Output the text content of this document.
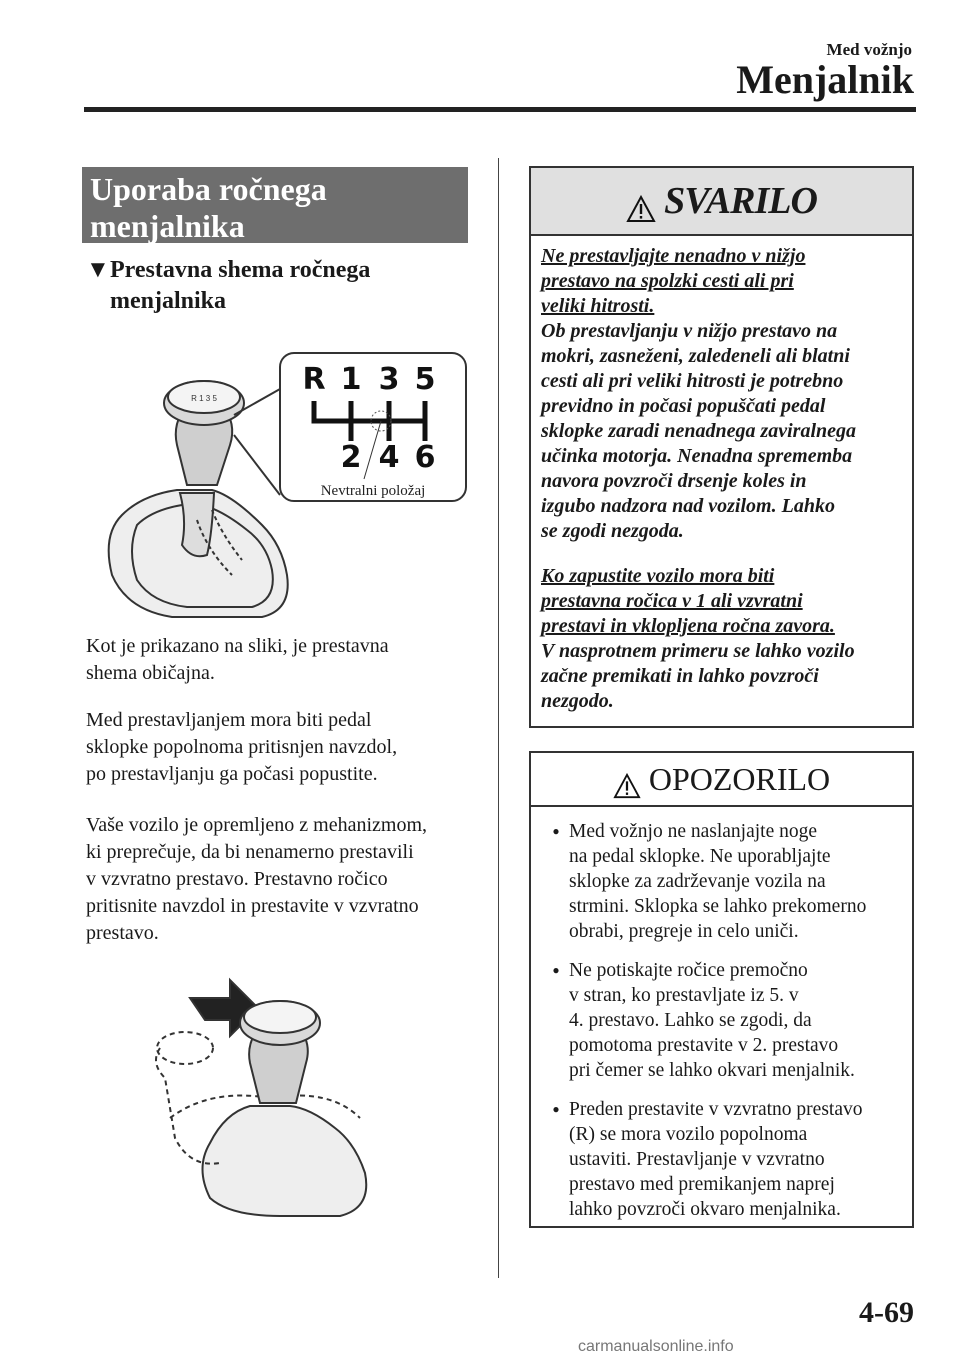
Med vožnjo
Menjalnik
Uporaba ročnega
menjalnika
▼Prestavna shema ročnega
menjalnika
R 1 3 5
R 1 3 5
2 4 6
Nevtralni položaj
Kot je prikazano na sliki, je prestavna
shema običajna.
Med prestavljanjem mora biti pedal
sklopke popolnoma pritisnjen navzdol,
po prestavljanju ga počasi popustite.
Vaše vozilo je opremljeno z mehanizmom,
ki preprečuje, da bi nenamerno prestavili
v vzvratno prestavo. Prestavno ročico
pritisnite navzdol in prestavite v vzvratno
prestavo.
SVARILO

Ne prestavljajte nenadno v nižjo
prestavo na spolzki cesti ali pri
veliki hitrosti.
Ob prestavljanju v nižjo prestavo na
mokri, zasneženi, zaledeneli ali blatni
cesti ali pri veliki hitrosti je potrebno
previdno in počasi popuščati pedal
sklopke zaradi nenadnega zaviralnega
učinka motorja. Nenadna sprememba
navora povzroči drsenje koles in
izgubo nadzora nad vozilom. Lahko
se zgodi nezgoda.

Ko zapustite vozilo mora biti
prestavna ročica v 1 ali vzvratni
prestavi in vklopljena ročna zavora.
V nasprotnem primeru se lahko vozilo
začne premikati in lahko povzroči
nezgodo.

OPOZORILO
● Med vožnjo ne naslanjajte noge
na pedal sklopke. Ne uporabljajte
sklopke za zadrževanje vozila na
strmini. Sklopka se lahko prekomerno
obrabi, pregreje in celo uniči.
● Ne potiskajte ročice premočno
v stran, ko prestavljate iz 5. v
4. prestavo. Lahko se zgodi, da
pomotoma prestavite v 2. prestavo
pri čemer se lahko okvari menjalnik.
● Preden prestavite v vzvratno prestavo
(R) se mora vozilo popolnoma
ustaviti. Prestavljanje v vzvratno
prestavo med premikanjem naprej
lahko povzroči okvaro menjalnika.
4-69
carmanualsonline.info
